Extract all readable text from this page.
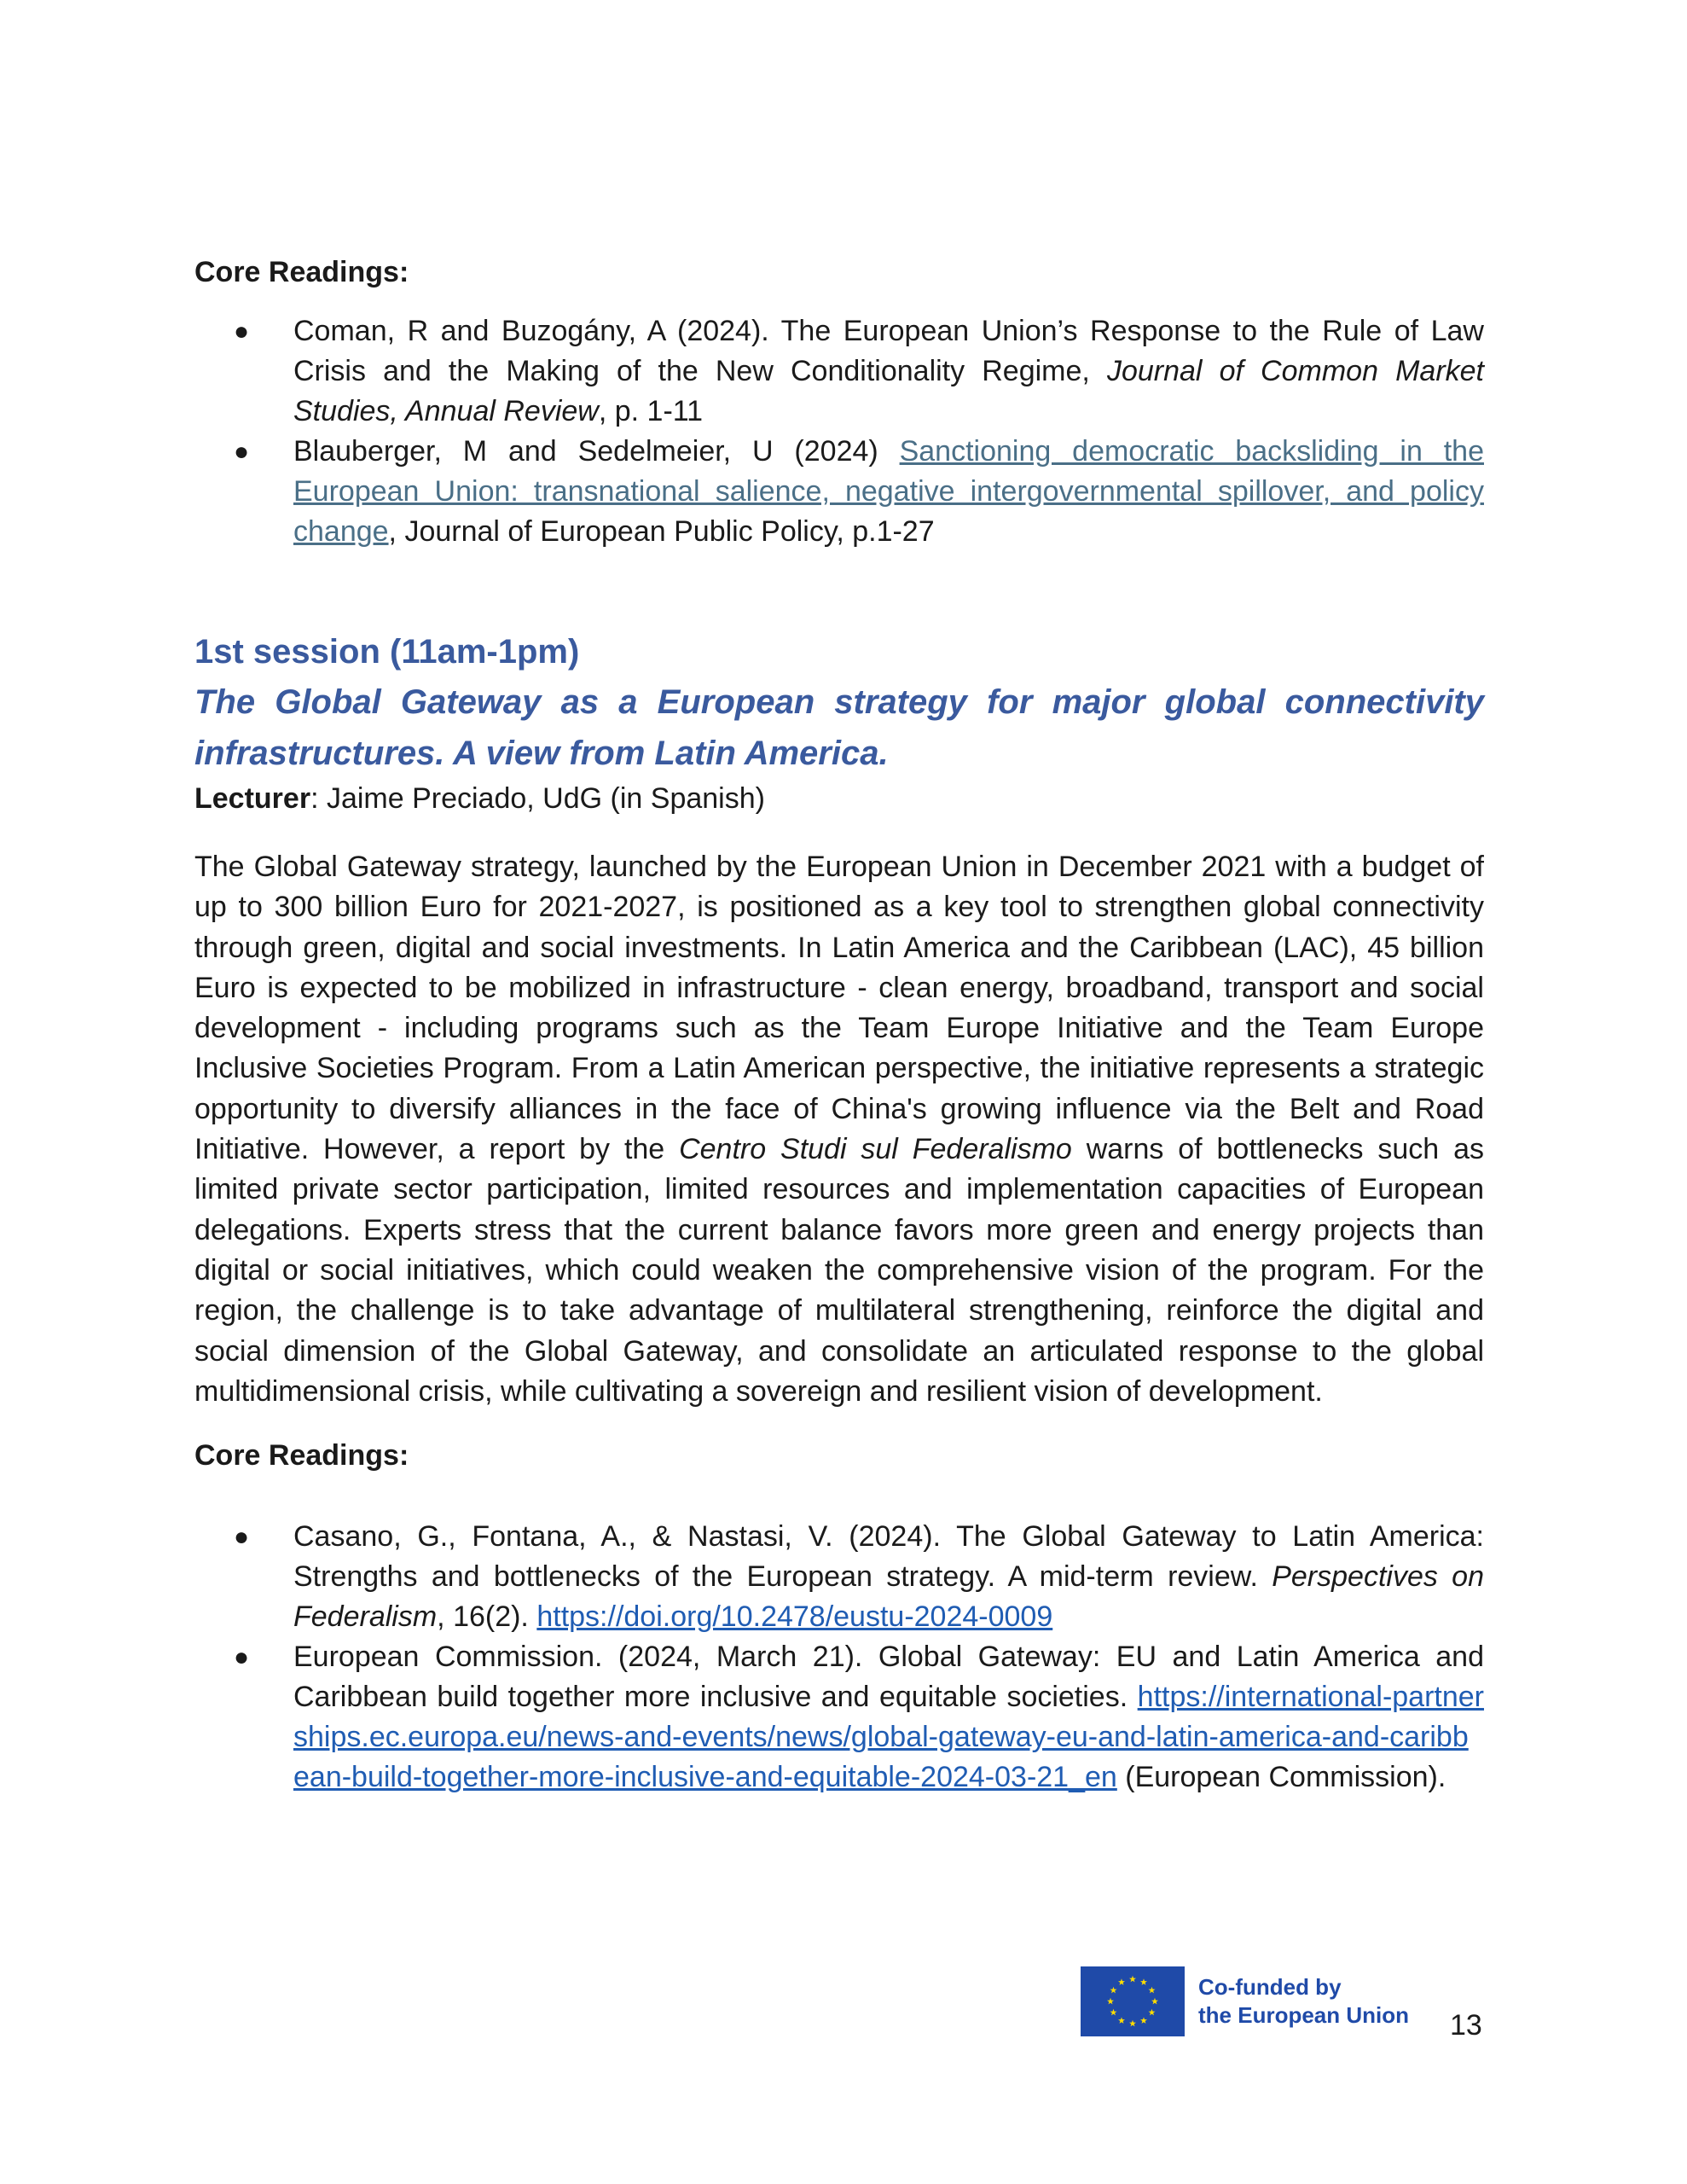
Core Readings:

● Coman, R and Buzogány, A (2024). The European Union’s Response to the Rule of Law Crisis and the Making of the New Conditionality Regime, Journal of Common Market Studies, Annual Review, p. 1-11
● Blauberger, M and Sedelmeier, U (2024) Sanctioning democratic backsliding in the European Union: transnational salience, negative intergovernmental spillover, and policy change, Journal of European Public Policy, p.1-27

1st session (11am-1pm)

The Global Gateway as a European strategy for major global connectivity infrastructures. A view from Latin America.

Lecturer: Jaime Preciado, UdG (in Spanish)

The Global Gateway strategy, launched by the European Union in December 2021 with a budget of up to 300 billion Euro for 2021-2027, is positioned as a key tool to strengthen global connectivity through green, digital and social investments. In Latin America and the Caribbean (LAC), 45 billion Euro is expected to be mobilized in infrastructure - clean energy, broadband, transport and social development - including programs such as the Team Europe Initiative and the Team Europe Inclusive Societies Program. From a Latin American perspective, the initiative represents a strategic opportunity to diversify alliances in the face of China's growing influence via the Belt and Road Initiative. However, a report by the Centro Studi sul Federalismo warns of bottlenecks such as limited private sector participation, limited resources and implementation capacities of European delegations. Experts stress that the current balance favors more green and energy projects than digital or social initiatives, which could weaken the comprehensive vision of the program. For the region, the challenge is to take advantage of multilateral strengthening, reinforce the digital and social dimension of the Global Gateway, and consolidate an articulated response to the global multidimensional crisis, while cultivating a sovereign and resilient vision of development.

Core Readings:

● Casano, G., Fontana, A., & Nastasi, V. (2024). The Global Gateway to Latin America: Strengths and bottlenecks of the European strategy. A mid-term review. Perspectives on Federalism, 16(2). https://doi.org/10.2478/eustu-2024-0009
● European Commission. (2024, March 21). Global Gateway: EU and Latin America and Caribbean build together more inclusive and equitable societies. https://international-partnerships.ec.europa.eu/news-and-events/news/global-gateway-eu-and-latin-america-and-caribbean-build-together-more-inclusive-and-equitable-2024-03-21_en (European Commission).
Co-funded by
the European Union	13
